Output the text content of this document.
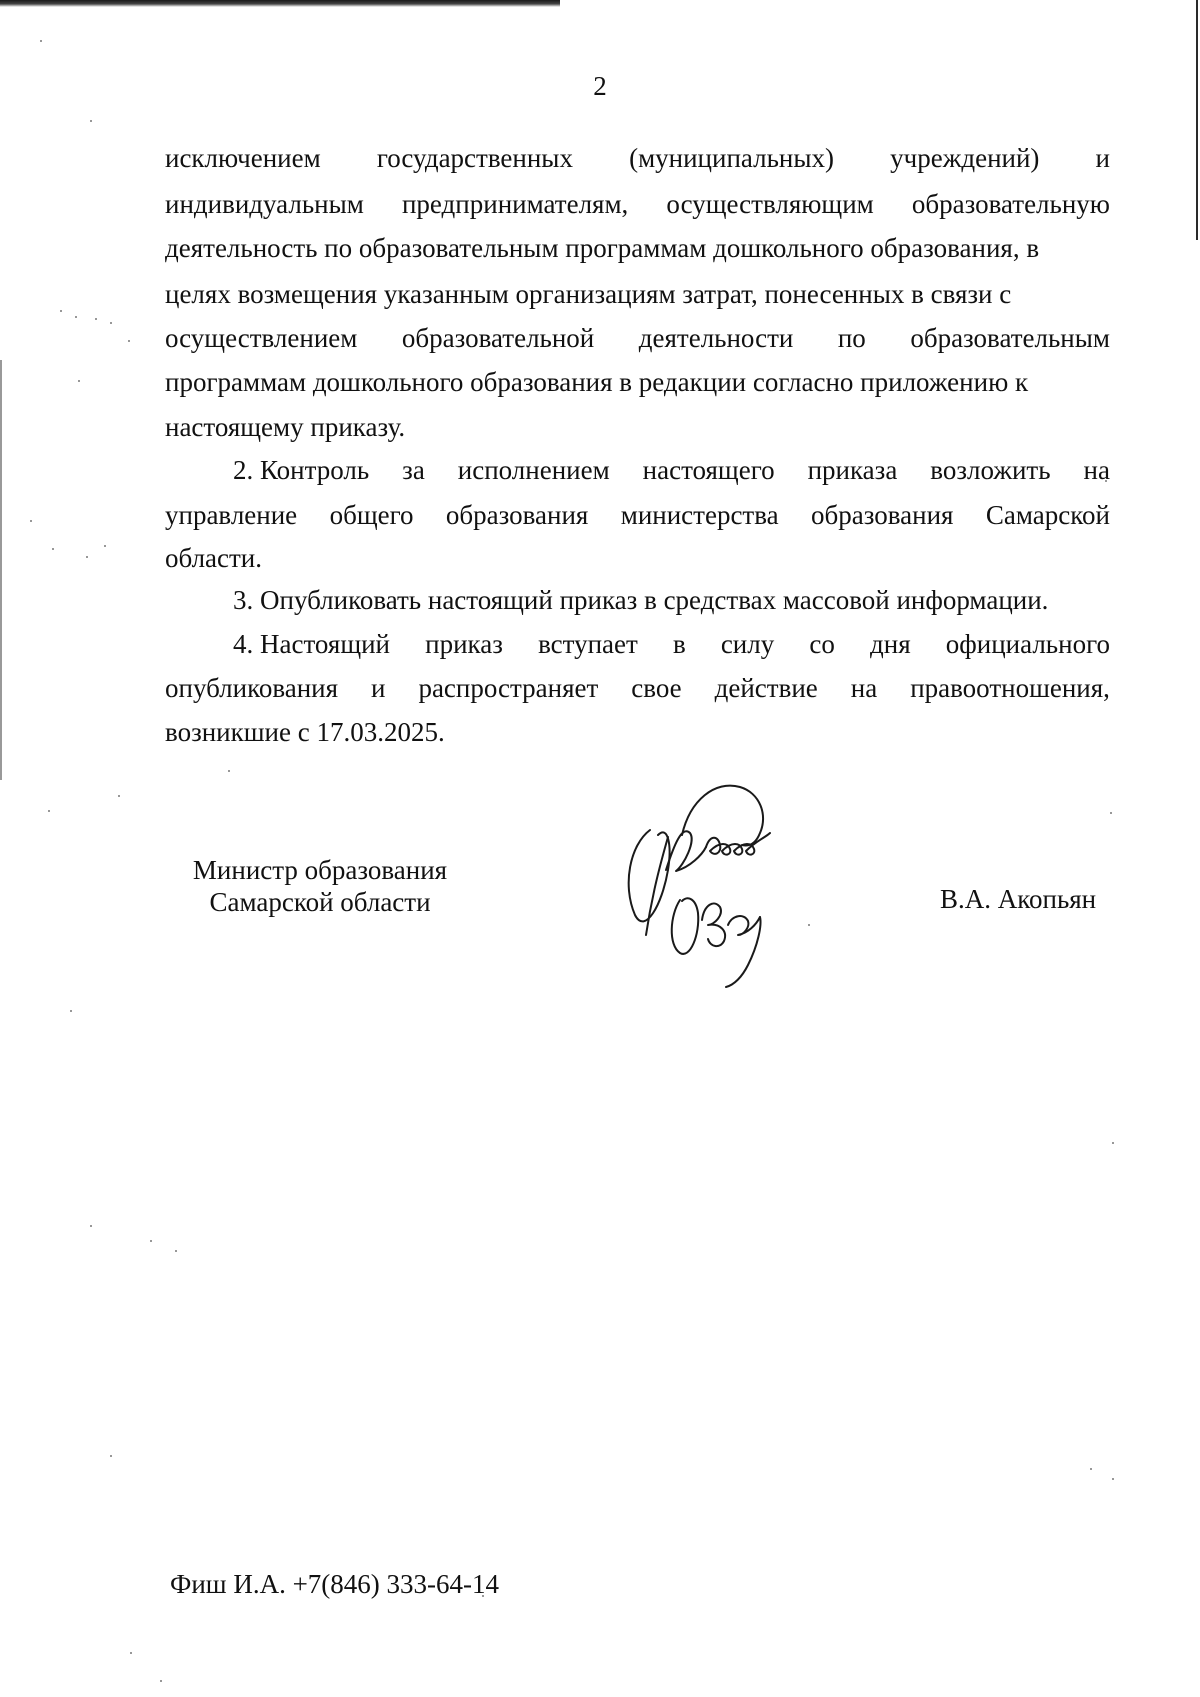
2
исключением государственных (муниципальных) учреждений) и
индивидуальным предпринимателям, осуществляющим образовательную
деятельность по образовательным программам дошкольного образования, в
целях возмещения указанным организациям затрат, понесенных в связи с
осуществлением образовательной деятельности по образовательным
программам дошкольного образования в редакции согласно приложению к
настоящему приказу.
2. Контроль за исполнением настоящего приказа возложить на
управление общего образования министерства образования Самарской
области.
3. Опубликовать настоящий приказ в средствах массовой информации.
4. Настоящий приказ вступает в силу со дня официального
опубликования и распространяет свое действие на правоотношения,
возникшие с 17.03.2025.
Министр образования
Самарской области	В.А. Акопьян
Фиш И.А. +7(846) 333-64-14
